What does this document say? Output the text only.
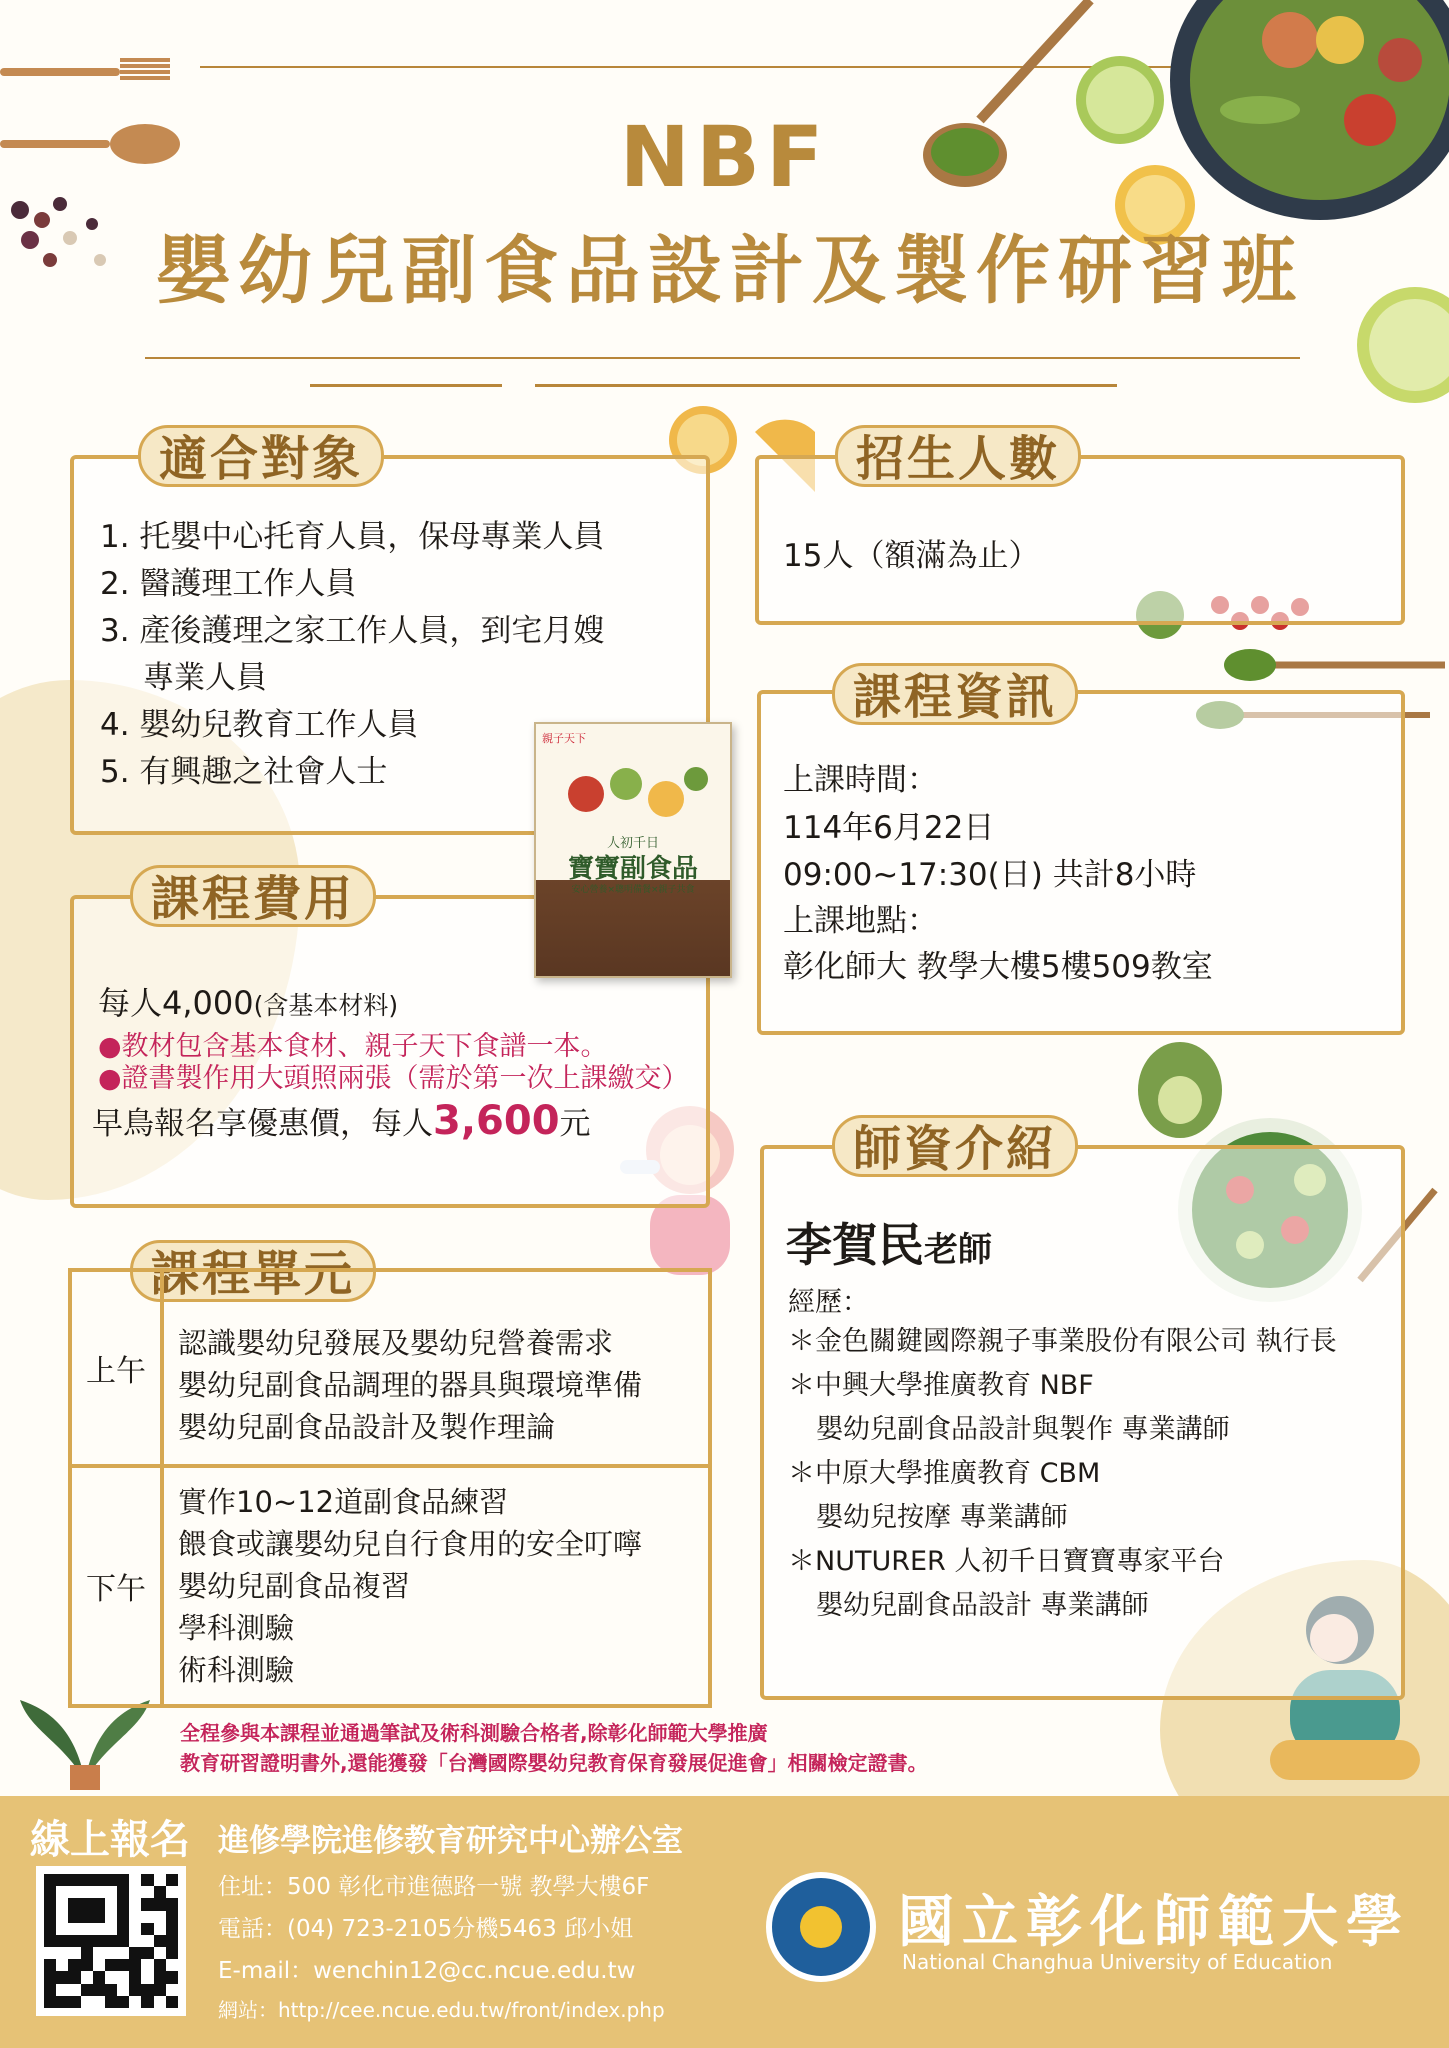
NBF
嬰幼兒副食品設計及製作研習班
適合對象
1. 托嬰中心托育人員，保母專業人員
2. 醫護理工作人員
3. 產後護理之家工作人員，到宅月嫂
專業人員
4. 嬰幼兒教育工作人員
5. 有興趣之社會人士
招生人數
15人（額滿為止）
課程費用
每人4,000(含基本材料)
●教材包含基本食材、親子天下食譜一本。
●證書製作用大頭照兩張（需於第一次上課繳交）
早鳥報名享優惠價，每人3,600元
親子天下
人初千日
寶寶副食品
安心營養×聰明備餐×親子共食
課程資訊
上課時間：
114年6月22日
09:00~17:30(日) 共計8小時
上課地點：
彰化師大 教學大樓5樓509教室
課程單元
上午	認識嬰幼兒發展及嬰幼兒營養需求
嬰幼兒副食品調理的器具與環境準備
嬰幼兒副食品設計及製作理論

下午	實作10~12道副食品練習
餵食或讓嬰幼兒自行食用的安全叮嚀
嬰幼兒副食品複習
學科測驗
術科測驗
師資介紹
李賀民老師
經歷：
＊金色關鍵國際親子事業股份有限公司 執行長
＊中興大學推廣教育 NBF
嬰幼兒副食品設計與製作 專業講師
＊中原大學推廣教育 CBM
嬰幼兒按摩 專業講師
＊NUTURER 人初千日寶寶專家平台
嬰幼兒副食品設計 專業講師
全程參與本課程並通過筆試及術科測驗合格者,除彰化師範大學推廣
教育研習證明書外,還能獲發「台灣國際嬰幼兒教育保育發展促進會」相關檢定證書。
線上報名 進修學院進修教育研究中心辦公室
住址：500 彰化市進德路一號 教學大樓6F
電話：(04) 723-2105分機5463 邱小姐
E-mail：wenchin12@cc.ncue.edu.tw
網站：http://cee.ncue.edu.tw/front/index.php
國立彰化師範大學
National Changhua University of Education
